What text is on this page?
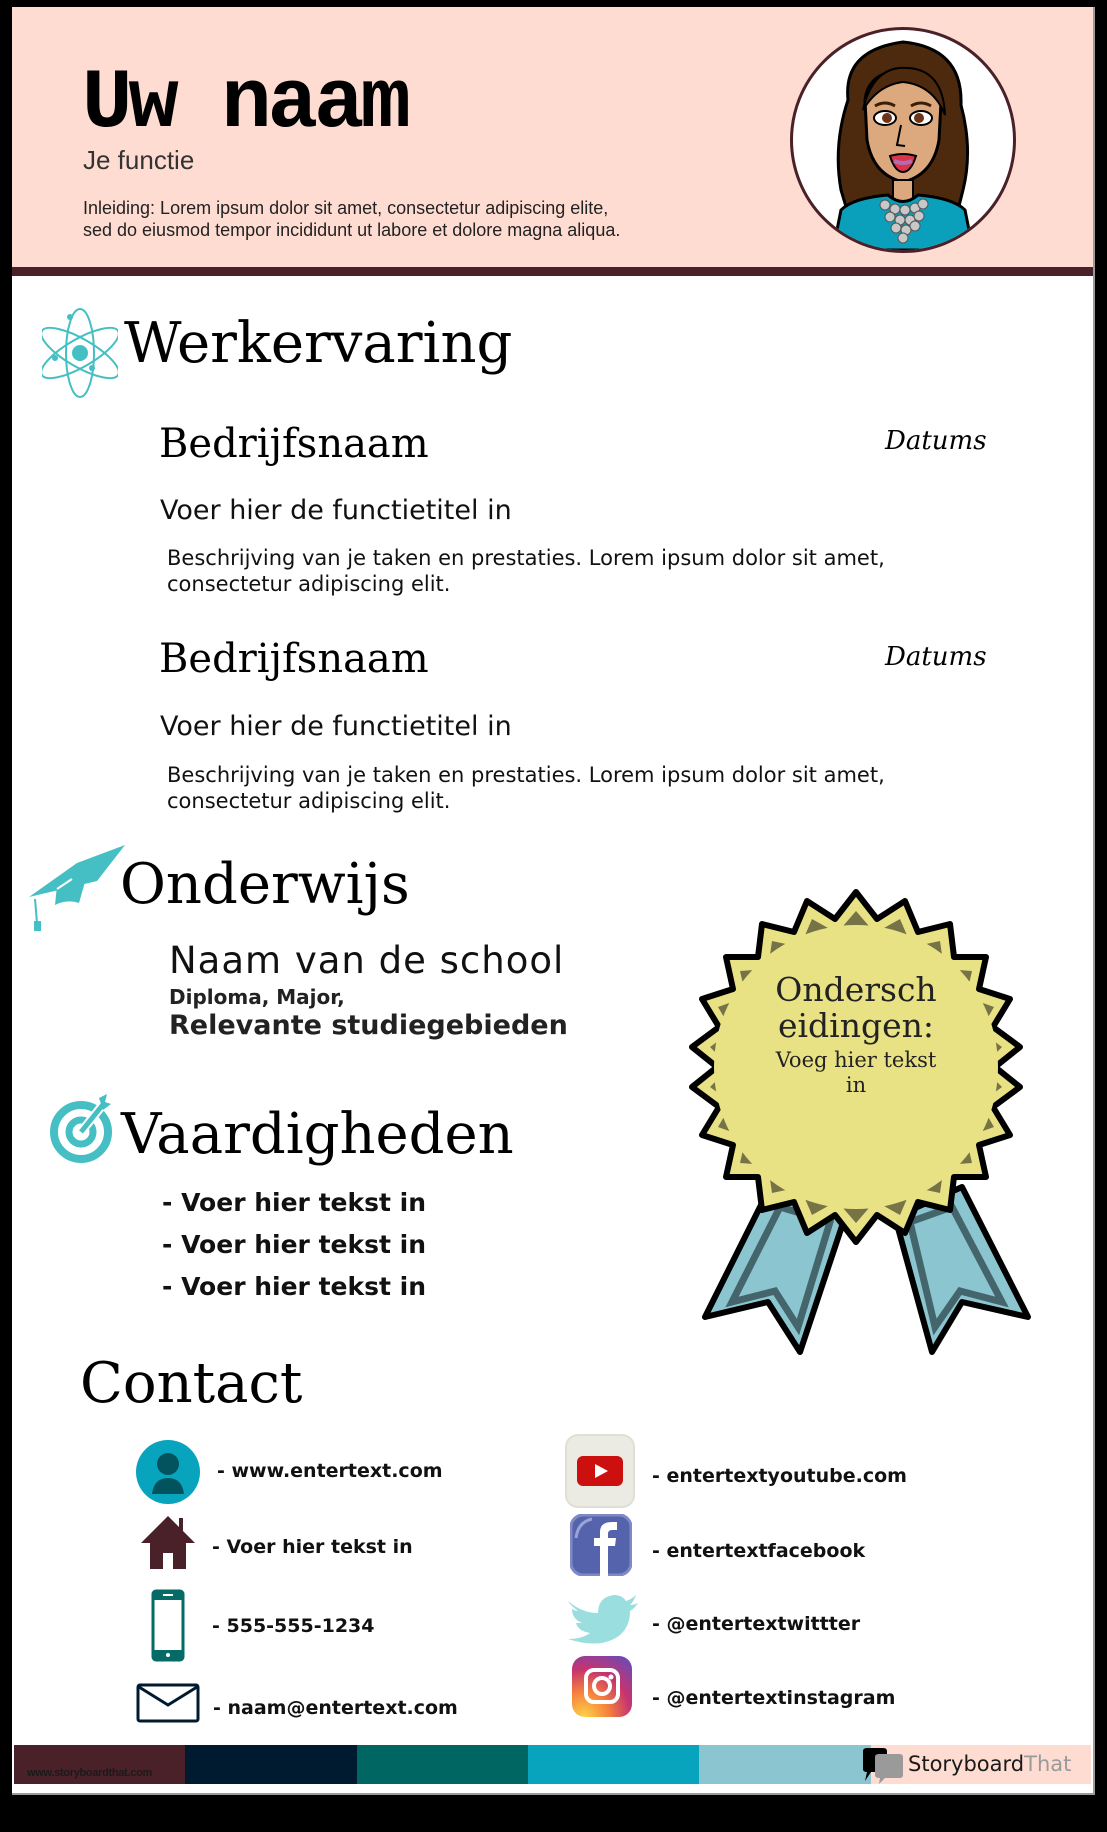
Uw naam
Je functie
Inleiding: Lorem ipsum dolor sit amet, consectetur adipiscing elite,
sed do eiusmod tempor incididunt ut labore et dolore magna aliqua.
Werkervaring
Bedrijfsnaam	Datums
Voer hier de functietitel in
Beschrijving van je taken en prestaties. Lorem ipsum dolor sit amet, consectetur adipiscing elit.
Bedrijfsnaam	Datums
Voer hier de functietitel in
Beschrijving van je taken en prestaties. Lorem ipsum dolor sit amet, consectetur adipiscing elit.
Onderwijs
Naam van de school
Diploma, Major,
Relevante studiegebieden
Ondersch
eidingen:
Voeg hier tekst
in
Vaardigheden
- Voer hier tekst in
- Voer hier tekst in
- Voer hier tekst in
Contact
- www.entertext.com
- Voer hier tekst in
- 555-555-1234
- naam@entertext.com
- entertextyoutube.com
- entertextfacebook
- @entertextwittter
- @entertextinstagram
www.storyboardthat.com	StoryboardThat
